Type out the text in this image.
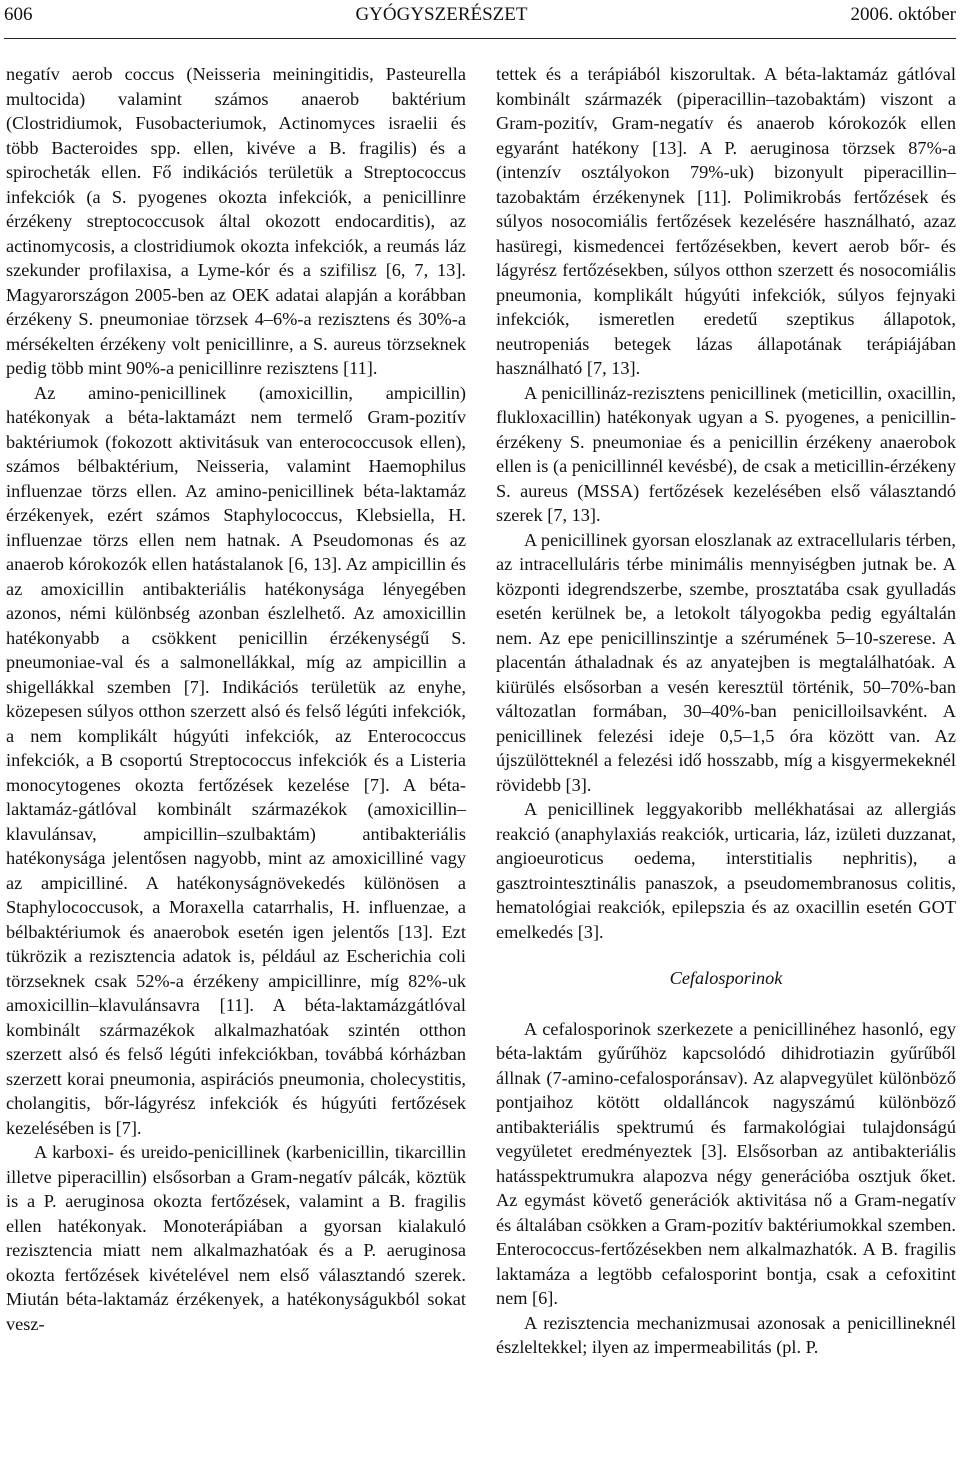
606	GYÓGYSZERÉSZET	2006. október

negatív aerob coccus (Neisseria meiningitidis, Pasteurella multocida) valamint számos anaerob baktérium (Clostridiumok, Fusobacteriumok, Actinomyces israelii és több Bacteroides spp. ellen, kivéve a B. fragilis) és a spirocheták ellen. Fő indikációs területük a Streptococcus infekciók (a S. pyogenes okozta infekciók, a penicillinre érzékeny streptococcusok által okozott endocarditis), az actinomycosis, a clostridiumok okozta infekciók, a reumás láz szekunder profilaxisa, a Lyme-kór és a szifilisz [6, 7, 13]. Magyarországon 2005-ben az OEK adatai alapján a korábban érzékeny S. pneumoniae törzsek 4–6%-a rezisztens és 30%-a mérsékelten érzékeny volt penicillinre, a S. aureus törzseknek pedig több mint 90%-a penicillinre rezisztens [11].

Az amino-penicillinek (amoxicillin, ampicillin) hatékonyak a béta-laktamázt nem termelő Gram-pozitív baktériumok (fokozott aktivitásuk van enterococcusok ellen), számos bélbaktérium, Neisseria, valamint Haemophilus influenzae törzs ellen. Az amino-penicillinek béta-laktamáz érzékenyek, ezért számos Staphylococcus, Klebsiella, H. influenzae törzs ellen nem hatnak. A Pseudomonas és az anaerob kórokozók ellen hatástalanok [6, 13]. Az ampicillin és az amoxicillin antibakteriális hatékonysága lényegében azonos, némi különbség azonban észlelhető. Az amoxicillin hatékonyabb a csökkent penicillin érzékenységű S. pneumoniae-val és a salmonellákkal, míg az ampicillin a shigellákkal szemben [7]. Indikációs területük az enyhe, közepesen súlyos otthon szerzett alsó és felső légúti infekciók, a nem komplikált húgyúti infekciók, az Enterococcus infekciók, a B csoportú Streptococcus infekciók és a Listeria monocytogenes okozta fertőzések kezelése [7]. A béta-laktamáz-gátlóval kombinált származékok (amoxicillin–klavulánsav, ampicillin–szulbaktám) antibakteriális hatékonysága jelentősen nagyobb, mint az amoxicilliné vagy az ampicilliné. A hatékonyságnövekedés különösen a Staphylococcusok, a Moraxella catarrhalis, H. influenzae, a bélbaktériumok és anaerobok esetén igen jelentős [13]. Ezt tükrözik a rezisztencia adatok is, például az Escherichia coli törzseknek csak 52%-a érzékeny ampicillinre, míg 82%-uk amoxicillin–klavulánsavra [11]. A béta-laktamázgátlóval kombinált származékok alkalmazhatóak szintén otthon szerzett alsó és felső légúti infekciókban, továbbá kórházban szerzett korai pneumonia, aspirációs pneumonia, cholecystitis, cholangitis, bőr-lágyrész infekciók és húgyúti fertőzések kezelésében is [7].

A karboxi- és ureido-penicillinek (karbenicillin, tikarcillin illetve piperacillin) elsősorban a Gram-negatív pálcák, köztük is a P. aeruginosa okozta fertőzések, valamint a B. fragilis ellen hatékonyak. Monoterápiában a gyorsan kialakuló rezisztencia miatt nem alkalmazhatóak és a P. aeruginosa okozta fertőzések kivételével nem első választandó szerek. Miután béta-laktamáz érzékenyek, a hatékonyságukból sokat vesz-

tettek és a terápiából kiszorultak. A béta-laktamáz gátlóval kombinált származék (piperacillin–tazobaktám) viszont a Gram-pozitív, Gram-negatív és anaerob kórokozók ellen egyaránt hatékony [13]. A P. aeruginosa törzsek 87%-a (intenzív osztályokon 79%-uk) bizonyult piperacillin–tazobaktám érzékenynek [11]. Polimikrobás fertőzések és súlyos nosocomiális fertőzések kezelésére használható, azaz hasüregi, kismedencei fertőzésekben, kevert aerob bőr- és lágyrész fertőzésekben, súlyos otthon szerzett és nosocomiális pneumonia, komplikált húgyúti infekciók, súlyos fejnyaki infekciók, ismeretlen eredetű szeptikus állapotok, neutropeniás betegek lázas állapotának terápiájában használható [7, 13].

A penicillináz-rezisztens penicillinek (meticillin, oxacillin, flukloxacillin) hatékonyak ugyan a S. pyogenes, a penicillin-érzékeny S. pneumoniae és a penicillin érzékeny anaerobok ellen is (a penicillinnél kevésbé), de csak a meticillin-érzékeny S. aureus (MSSA) fertőzések kezelésében első választandó szerek [7, 13].

A penicillinek gyorsan eloszlanak az extracellularis térben, az intracelluláris térbe minimális mennyiségben jutnak be. A központi idegrendszerbe, szembe, prosztatába csak gyulladás esetén kerülnek be, a letokolt tályogokba pedig egyáltalán nem. Az epe penicillinszintje a szérumének 5–10-szerese. A placentán áthaladnak és az anyatejben is megtalálhatóak. A kiürülés elsősorban a vesén keresztül történik, 50–70%-ban változatlan formában, 30–40%-ban penicilloilsavként. A penicillinek felezési ideje 0,5–1,5 óra között van. Az újszülötteknél a felezési idő hosszabb, míg a kisgyermekeknél rövidebb [3].

A penicillinek leggyakoribb mellékhatásai az allergiás reakció (anaphylaxiás reakciók, urticaria, láz, izületi duzzanat, angioeuroticus oedema, interstitialis nephritis), a gasztrointesztinális panaszok, a pseudomembranosus colitis, hematológiai reakciók, epilepszia és az oxacillin esetén GOT emelkedés [3].

Cefalosporinok

A cefalosporinok szerkezete a penicillinéhez hasonló, egy béta-laktám gyűrűhöz kapcsolódó dihidrotiazin gyűrűből állnak (7-amino-cefalosporánsav). Az alapvegyület különböző pontjaihoz kötött oldalláncok nagyszámú különböző antibakteriális spektrumú és farmakológiai tulajdonságú vegyületet eredményeztek [3]. Elsősorban az antibakteriális hatásspektrumukra alapozva négy generációba osztjuk őket. Az egymást követő generációk aktivitása nő a Gram-negatív és általában csökken a Gram-pozitív baktériumokkal szemben. Enterococcus-fertőzésekben nem alkalmazhatók. A B. fragilis laktamáza a legtöbb cefalosporint bontja, csak a cefoxitint nem [6].

A rezisztencia mechanizmusai azonosak a penicillineknél észleltekkel; ilyen az impermeabilitás (pl. P.
